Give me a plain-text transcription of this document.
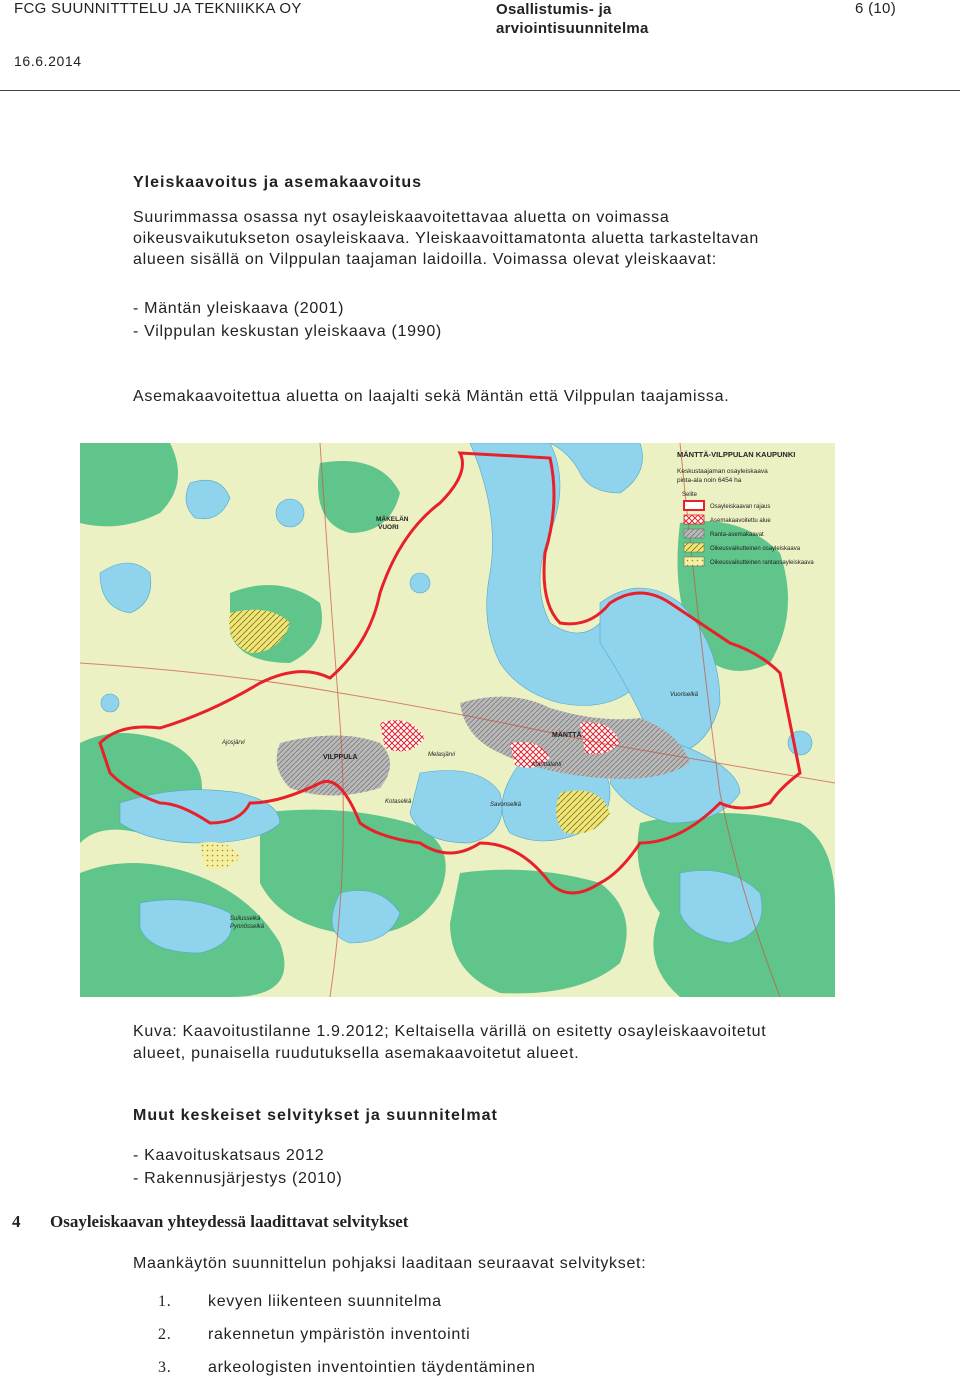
FCG SUUNNITTTELU JA TEKNIIKKA OY	Osallistumis- ja
arviointisuunnitelma
6 (10)
16.6.2014
Yleiskaavoitus ja asemakaavoitus
Suurimmassa osassa nyt osayleiskaavoitettavaa aluetta on voimassa
oikeusvaikutukseton osayleiskaava. Yleiskaavoittamatonta aluetta tarkasteltavan
alueen sisällä on Vilppulan taajaman laidoilla. Voimassa olevat yleiskaavat:
- Mäntän yleiskaava (2001)
- Vilppulan keskustan yleiskaava (1990)
Asemakaavoitettua aluetta on laajalti sekä Mäntän että Vilppulan taajamissa.
MÄNTTÄ-VILPPULAN KAUPUNKI
Keskustaajaman osayleiskaava
pinta-ala noin 6454 ha
Selite
Osayleiskaavan rajaus
Asemakaavoitettu alue
Ranta-asemakaavat
Oikeusvaikutteinen osayleiskaava
Oikeusvaikutteinen rantaosayleiskaava
MÄKELÄN
VUORI
VILPPULA
MÄNTTÄ
Ajosjärvi
Melasjärvi
Mänttälahti
Kotaselkä	Savonselkä
Vuoriselkä
Suliusselkä
Pynnösselkä
Kuva: Kaavoitustilanne 1.9.2012; Keltaisella värillä on esitetty osayleiskaavoitetut
alueet, punaisella ruudutuksella asemakaavoitetut alueet.
Muut keskeiset selvitykset ja suunnitelmat
- Kaavoituskatsaus 2012
- Rakennusjärjestys (2010)
4 Osayleiskaavan yhteydessä laadittavat selvitykset
Maankäytön suunnittelun pohjaksi laaditaan seuraavat selvitykset:
1. kevyen liikenteen suunnitelma
2. rakennetun ympäristön inventointi
3. arkeologisten inventointien täydentäminen
